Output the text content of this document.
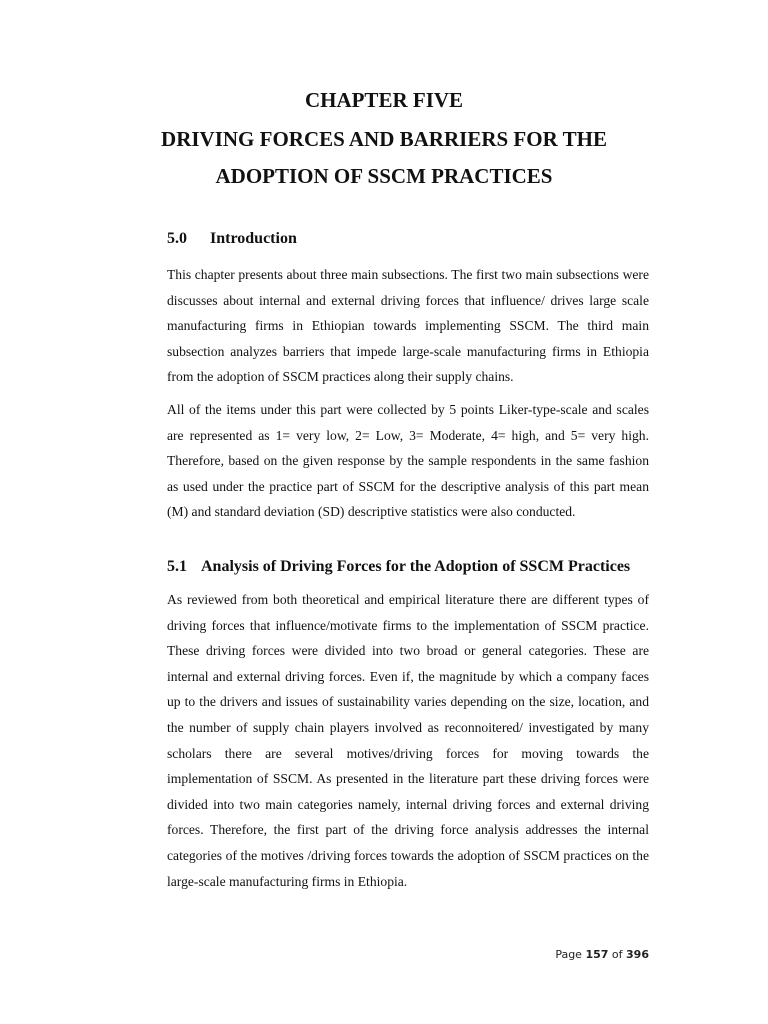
CHAPTER FIVE
DRIVING FORCES AND BARRIERS FOR THE
ADOPTION OF SSCM PRACTICES
5.0 Introduction

This chapter presents about three main subsections. The first two main subsections were discusses about internal and external driving forces that influence/ drives large scale manufacturing firms in Ethiopian towards implementing SSCM. The third main subsection analyzes barriers that impede large-scale manufacturing firms in Ethiopia from the adoption of SSCM practices along their supply chains.

All of the items under this part were collected by 5 points Liker-type-scale and scales are represented as 1= very low, 2= Low, 3= Moderate, 4= high, and 5= very high. Therefore, based on the given response by the sample respondents in the same fashion as used under the practice part of SSCM for the descriptive analysis of this part mean (M) and standard deviation (SD) descriptive statistics were also conducted.

5.1 Analysis of Driving Forces for the Adoption of SSCM Practices

As reviewed from both theoretical and empirical literature there are different types of driving forces that influence/motivate firms to the implementation of SSCM practice. These driving forces were divided into two broad or general categories. These are internal and external driving forces. Even if, the magnitude by which a company faces up to the drivers and issues of sustainability varies depending on the size, location, and the number of supply chain players involved as reconnoitered/ investigated by many scholars there are several motives/driving forces for moving towards the implementation of SSCM. As presented in the literature part these driving forces were divided into two main categories namely, internal driving forces and external driving forces. Therefore, the first part of the driving force analysis addresses the internal categories of the motives /driving forces towards the adoption of SSCM practices on the large-scale manufacturing firms in Ethiopia.

Page 157 of 396
